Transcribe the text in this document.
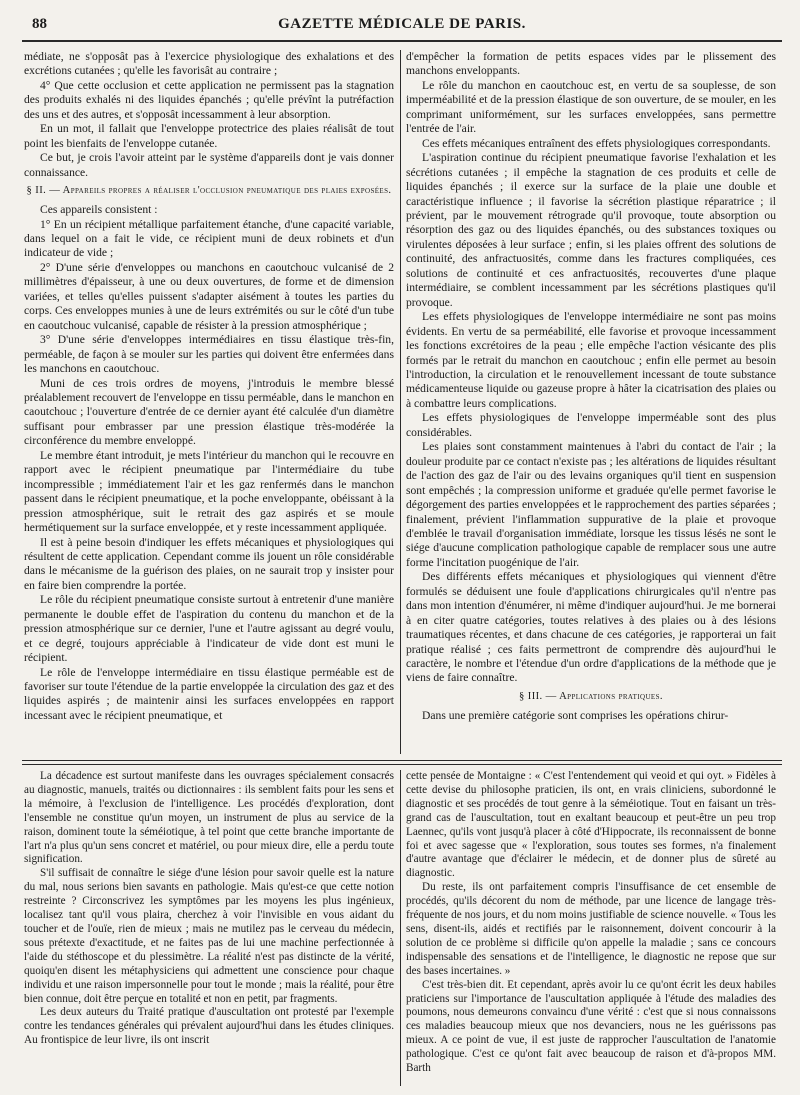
88	GAZETTE MÉDICALE DE PARIS.

médiate, ne s'opposât pas à l'exercice physiologique des exhalations et des excrétions cutanées ; qu'elle les favorisât au contraire ;

4° Que cette occlusion et cette application ne permissent pas la stagnation des produits exhalés ni des liquides épanchés ; qu'elle prévînt la putréfaction des uns et des autres, et s'opposât incessamment à leur absorption.

En un mot, il fallait que l'enveloppe protectrice des plaies réalisât de tout point les bienfaits de l'enveloppe cutanée.

Ce but, je crois l'avoir atteint par le système d'appareils dont je vais donner connaissance.

§ II. — Appareils propres a réaliser l'occlusion pneumatique des plaies exposées.

Ces appareils consistent :

1° En un récipient métallique parfaitement étanche, d'une capacité variable, dans lequel on a fait le vide, ce récipient muni de deux robinets et d'un indicateur de vide ;

2° D'une série d'enveloppes ou manchons en caoutchouc vulcanisé de 2 millimètres d'épaisseur, à une ou deux ouvertures, de forme et de dimension variées, et telles qu'elles puissent s'adapter aisément à toutes les parties du corps. Ces enveloppes munies à une de leurs extrémités ou sur le côté d'un tube en caoutchouc vulcanisé, capable de résister à la pression atmosphérique ;

3° D'une série d'enveloppes intermédiaires en tissu élastique très-fin, perméable, de façon à se mouler sur les parties qui doivent être enfermées dans les manchons en caoutchouc.

Muni de ces trois ordres de moyens, j'introduis le membre blessé préalablement recouvert de l'enveloppe en tissu perméable, dans le manchon en caoutchouc ; l'ouverture d'entrée de ce dernier ayant été calculée d'un diamètre suffisant pour embrasser par une pression élastique très-modérée la circonférence du membre enveloppé.

Le membre étant introduit, je mets l'intérieur du manchon qui le recouvre en rapport avec le récipient pneumatique par l'intermédiaire du tube incompressible ; immédiatement l'air et les gaz renfermés dans le manchon passent dans le récipient pneumatique, et la poche enveloppante, obéissant à la pression atmosphérique, suit le retrait des gaz aspirés et se moule hermétiquement sur la surface enveloppée, et y reste incessamment appliquée.

Il est à peine besoin d'indiquer les effets mécaniques et physiologiques qui résultent de cette application. Cependant comme ils jouent un rôle considérable dans le mécanisme de la guérison des plaies, on ne saurait trop y insister pour en faire bien comprendre la portée.

Le rôle du récipient pneumatique consiste surtout à entretenir d'une manière permanente le double effet de l'aspiration du contenu du manchon et de la pression atmosphérique sur ce dernier, l'une et l'autre agissant au degré voulu, et ce degré, toujours appréciable à l'indicateur de vide dont est muni le récipient.

Le rôle de l'enveloppe intermédiaire en tissu élastique perméable est de favoriser sur toute l'étendue de la partie enveloppée la circulation des gaz et des liquides aspirés ; de maintenir ainsi les surfaces enveloppées en rapport incessant avec le récipient pneumatique, et

d'empêcher la formation de petits espaces vides par le plissement des manchons enveloppants.

Le rôle du manchon en caoutchouc est, en vertu de sa souplesse, de son imperméabilité et de la pression élastique de son ouverture, de se mouler, en les comprimant uniformément, sur les surfaces enveloppées, sans permettre l'entrée de l'air.

Ces effets mécaniques entraînent des effets physiologiques correspondants.

L'aspiration continue du récipient pneumatique favorise l'exhalation et les sécrétions cutanées ; il empêche la stagnation de ces produits et celle de liquides épanchés ; il exerce sur la surface de la plaie une double et caractéristique influence ; il favorise la sécrétion plastique réparatrice ; il prévient, par le mouvement rétrograde qu'il provoque, toute absorption ou résorption des gaz ou des liquides épanchés, ou des substances toxiques ou virulentes déposées à leur surface ; enfin, si les plaies offrent des solutions de continuité, des anfractuosités, comme dans les fractures compliquées, ces solutions de continuité et ces anfractuosités, recouvertes d'une plaque intermédiaire, se comblent incessamment par les sécrétions plastiques qu'il provoque.

Les effets physiologiques de l'enveloppe intermédiaire ne sont pas moins évidents. En vertu de sa perméabilité, elle favorise et provoque incessamment les fonctions excrétoires de la peau ; elle empêche l'action vésicante des plis formés par le retrait du manchon en caoutchouc ; enfin elle permet au besoin l'introduction, la circulation et le renouvellement incessant de toute substance médicamenteuse liquide ou gazeuse propre à hâter la cicatrisation des plaies ou à combattre leurs complications.

Les effets physiologiques de l'enveloppe imperméable sont des plus considérables.

Les plaies sont constamment maintenues à l'abri du contact de l'air ; la douleur produite par ce contact n'existe pas ; les altérations de liquides résultant de l'action des gaz de l'air ou des levains organiques qu'il tient en suspension sont empêchés ; la compression uniforme et graduée qu'elle permet favorise le dégorgement des parties enveloppées et le rapprochement des parties séparées ; finalement, prévient l'inflammation suppurative de la plaie et provoque d'emblée le travail d'organisation immédiate, lorsque les tissus lésés ne sont le siége d'aucune complication pathologique capable de remplacer sous une autre forme l'incitation puogénique de l'air.

Des différents effets mécaniques et physiologiques qui viennent d'être formulés se déduisent une foule d'applications chirurgicales qu'il n'entre pas dans mon intention d'énumérer, ni même d'indiquer aujourd'hui. Je me bornerai à en citer quatre catégories, toutes relatives à des plaies ou à des lésions traumatiques récentes, et dans chacune de ces catégories, je rapporterai un fait pratique réalisé ; ces faits permettront de comprendre dès aujourd'hui le caractère, le nombre et l'étendue d'un ordre d'applications de la méthode que je viens de faire connaître.

§ III. — Applications pratiques.

Dans une première catégorie sont comprises les opérations chirur-

La décadence est surtout manifeste dans les ouvrages spécialement consacrés au diagnostic, manuels, traités ou dictionnaires : ils semblent faits pour les sens et la mémoire, à l'exclusion de l'intelligence. Les procédés d'exploration, dont l'ensemble ne constitue qu'un moyen, un instrument de plus au service de la raison, dominent toute la séméiotique, à tel point que cette branche importante de l'art n'a plus qu'un sens concret et matériel, ou pour mieux dire, elle a perdu toute signification.

S'il suffisait de connaître le siége d'une lésion pour savoir quelle est la nature du mal, nous serions bien savants en pathologie. Mais qu'est-ce que cette notion restreinte ? Circonscrivez les symptômes par les moyens les plus ingénieux, localisez tant qu'il vous plaira, cherchez à voir l'invisible en vous aidant du toucher et de l'ouïe, rien de mieux ; mais ne mutilez pas le cerveau du médecin, sous prétexte d'exactitude, et ne faites pas de lui une machine perfectionnée à l'aide du stéthoscope et du plessimètre. La réalité n'est pas distincte de la vérité, quoiqu'en disent les métaphysiciens qui admettent une conscience pour chaque individu et une raison impersonnelle pour tout le monde ; mais la réalité, pour être bien connue, doit être perçue en totalité et non en petit, par fragments.

Les deux auteurs du Traité pratique d'auscultation ont protesté par l'exemple contre les tendances générales qui prévalent aujourd'hui dans les études cliniques. Au frontispice de leur livre, ils ont inscrit

cette pensée de Montaigne : « C'est l'entendement qui veoid et qui oyt. » Fidèles à cette devise du philosophe praticien, ils ont, en vrais cliniciens, subordonné le diagnostic et ses procédés de tout genre à la séméiotique. Tout en faisant un très-grand cas de l'auscultation, tout en exaltant beaucoup et peut-être un peu trop Laennec, qu'ils vont jusqu'à placer à côté d'Hippocrate, ils reconnaissent de bonne foi et avec sagesse que « l'exploration, sous toutes ses formes, n'a finalement d'autre avantage que d'éclairer le médecin, et de donner plus de sûreté au diagnostic.

Du reste, ils ont parfaitement compris l'insuffisance de cet ensemble de procédés, qu'ils décorent du nom de méthode, par une licence de langage très-fréquente de nos jours, et du nom moins justifiable de science nouvelle. « Tous les sens, disent-ils, aidés et rectifiés par le raisonnement, doivent concourir à la solution de ce problème si difficile qu'on appelle la maladie ; sans ce concours indispensable des sensations et de l'intelligence, le diagnostic ne repose que sur des bases incertaines. »

C'est très-bien dit. Et cependant, après avoir lu ce qu'ont écrit les deux habiles praticiens sur l'importance de l'auscultation appliquée à l'étude des maladies des poumons, nous demeurons convaincu d'une vérité : c'est que si nous connaissons ces maladies beaucoup mieux que nos devanciers, nous ne les guérissons pas mieux. A ce point de vue, il est juste de rapprocher l'auscultation de l'anatomie pathologique. C'est ce qu'ont fait avec beaucoup de raison et d'à-propos MM. Barth
